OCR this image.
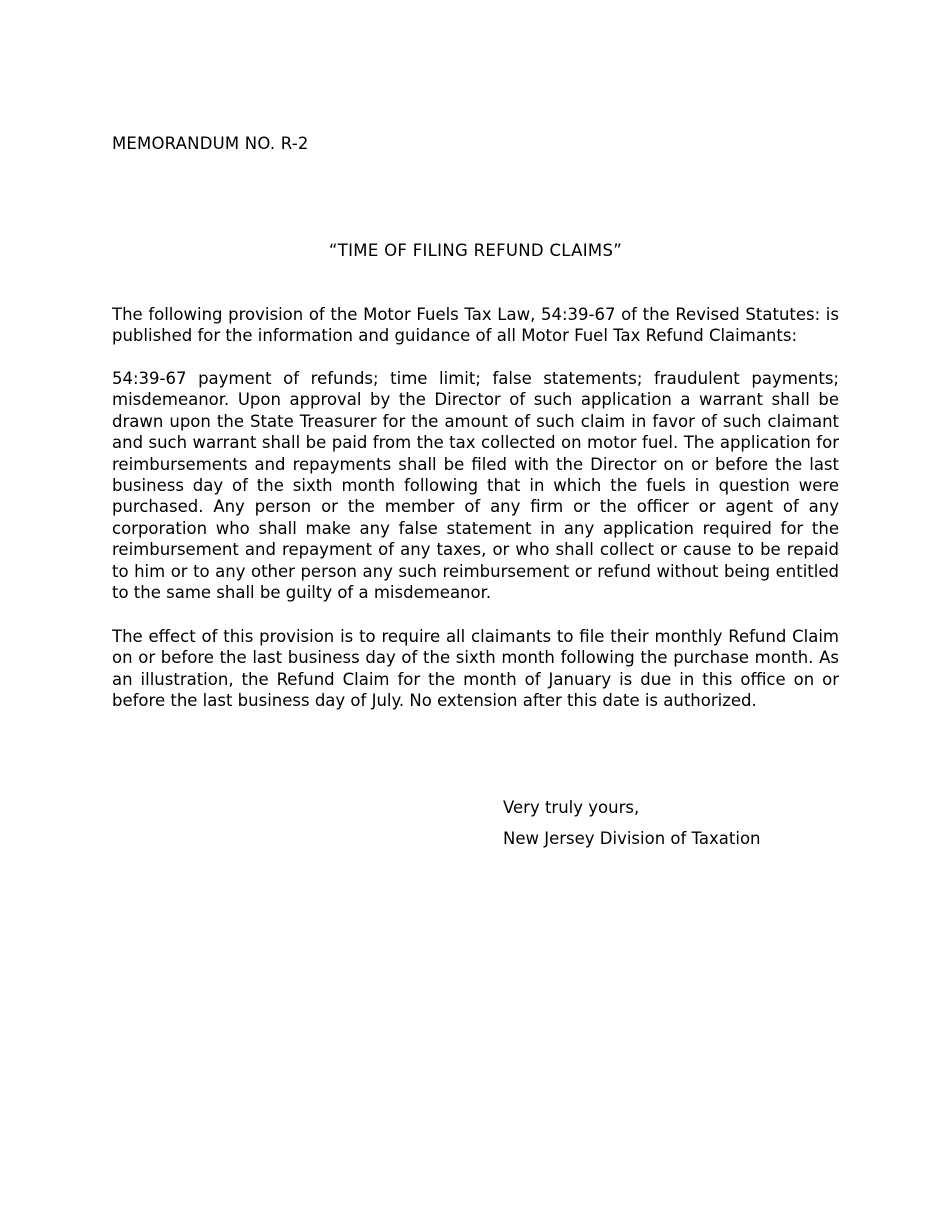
MEMORANDUM NO. R-2
“TIME OF FILING REFUND CLAIMS”

The following provision of the Motor Fuels Tax Law, 54:39-67 of the Revised Statutes: is published for the information and guidance of all Motor Fuel Tax Refund Claimants:

54:39-67 payment of refunds; time limit; false statements; fraudulent payments; misdemeanor. Upon approval by the Director of such application a warrant shall be drawn upon the State Treasurer for the amount of such claim in favor of such claimant and such warrant shall be paid from the tax collected on motor fuel. The application for reimbursements and repayments shall be filed with the Director on or before the last business day of the sixth month following that in which the fuels in question were purchased. Any person or the member of any firm or the officer or agent of any corporation who shall make any false statement in any application required for the reimbursement and repayment of any taxes, or who shall collect or cause to be repaid to him or to any other person any such reimbursement or refund without being entitled to the same shall be guilty of a misdemeanor.

The effect of this provision is to require all claimants to file their monthly Refund Claim on or before the last business day of the sixth month following the purchase month. As an illustration, the Refund Claim for the month of January is due in this office on or before the last business day of July. No extension after this date is authorized.

Very truly yours,
New Jersey Division of Taxation
